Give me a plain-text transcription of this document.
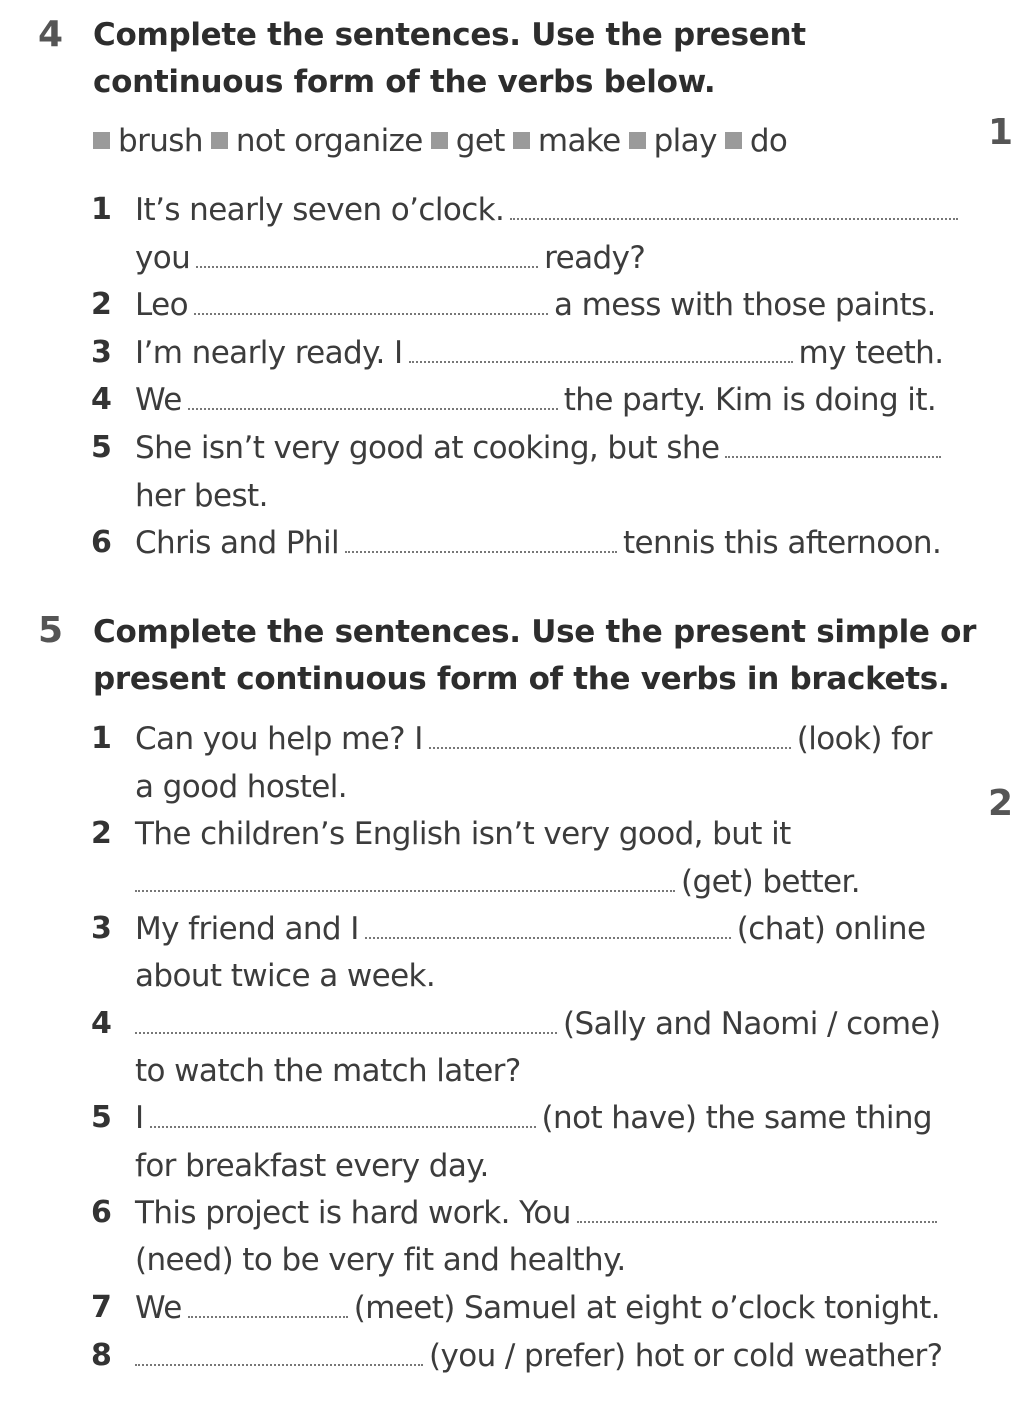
4 Complete the sentences. Use the present
continuous form of the verbs below.
brush not organize get make play do
1 It’s nearly seven o’clock.
you	ready?
2 Leo	a mess with those paints.
3 I’m nearly ready. I	my teeth.
4 We	the party. Kim is doing it.
5 She isn’t very good at cooking, but she
her best.
6 Chris and Phil	tennis this afternoon.
5 Complete the sentences. Use the present simple or
present continuous form of the verbs in brackets.
1 Can you help me? I	(look) for
a good hostel.
2 The children’s English isn’t very good, but it
(get) better.
3 My friend and I	(chat) online
about twice a week.
4	(Sally and Naomi / come)
to watch the match later?
5 I	(not have) the same thing
for breakfast every day.
6 This project is hard work. You
(need) to be very fit and healthy.
7 We	(meet) Samuel at eight o’clock tonight.
8	(you / prefer) hot or cold weather?
1
2
